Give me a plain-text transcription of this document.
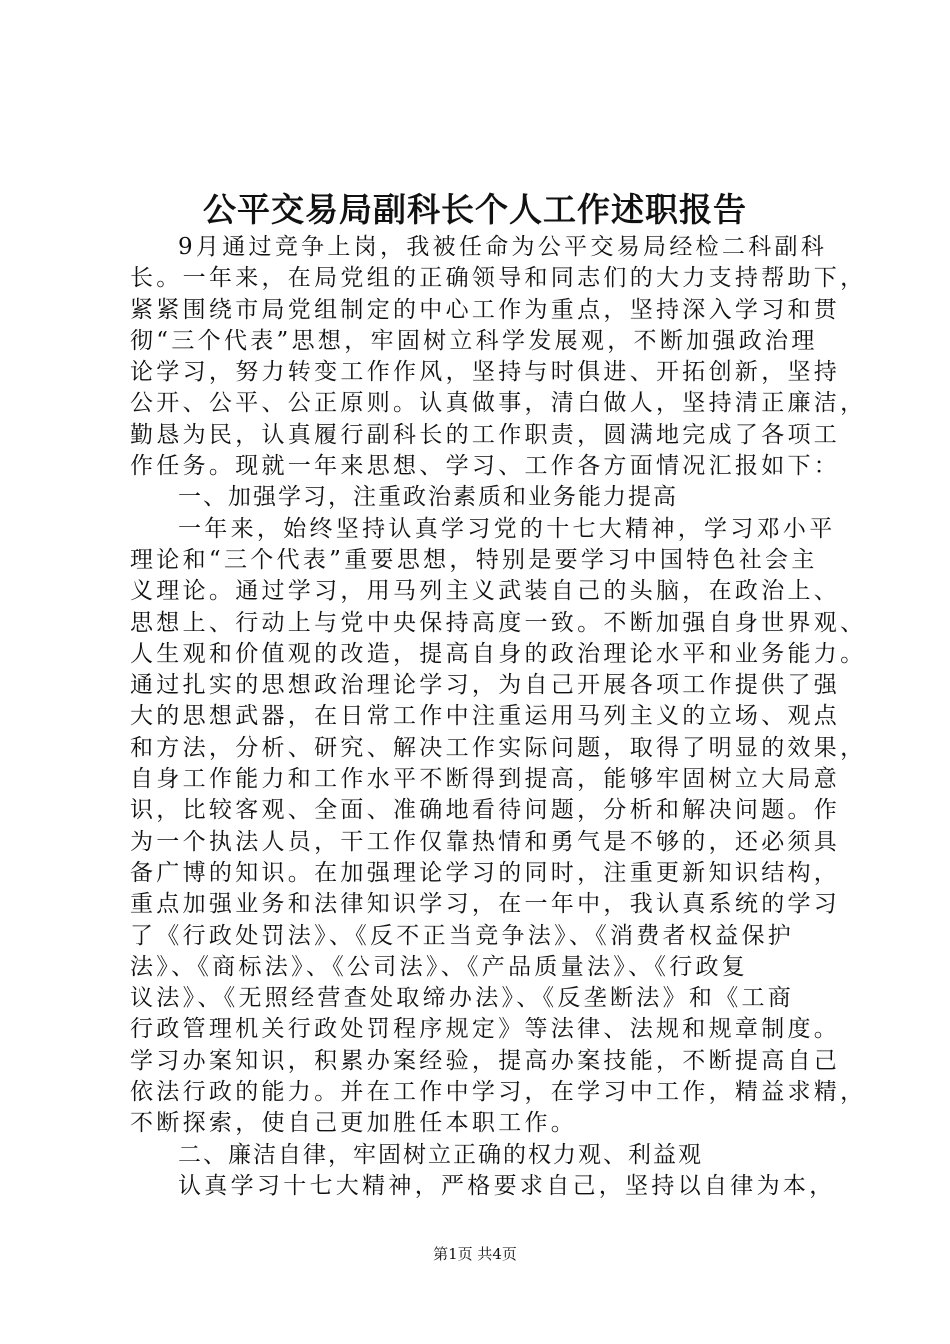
公平交易局副科长个人工作述职报告
9月通过竞争上岗，我被任命为公平交易局经检二科副科
长。一年来，在局党组的正确领导和同志们的大力支持帮助下，
紧紧围绕市局党组制定的中心工作为重点，坚持深入学习和贯
彻“三个代表”思想，牢固树立科学发展观，不断加强政治理
论学习，努力转变工作作风，坚持与时俱进、开拓创新，坚持
公开、公平、公正原则。认真做事，清白做人，坚持清正廉洁，
勤恳为民，认真履行副科长的工作职责，圆满地完成了各项工
作任务。现就一年来思想、学习、工作各方面情况汇报如下：
一、加强学习，注重政治素质和业务能力提高
一年来，始终坚持认真学习党的十七大精神，学习邓小平
理论和“三个代表”重要思想，特别是要学习中国特色社会主
义理论。通过学习，用马列主义武装自己的头脑，在政治上、
思想上、行动上与党中央保持高度一致。不断加强自身世界观、
人生观和价值观的改造，提高自身的政治理论水平和业务能力。
通过扎实的思想政治理论学习，为自己开展各项工作提供了强
大的思想武器，在日常工作中注重运用马列主义的立场、观点
和方法，分析、研究、解决工作实际问题，取得了明显的效果，
自身工作能力和工作水平不断得到提高，能够牢固树立大局意
识，比较客观、全面、准确地看待问题，分析和解决问题。作
为一个执法人员，干工作仅靠热情和勇气是不够的，还必须具
备广博的知识。在加强理论学习的同时，注重更新知识结构，
重点加强业务和法律知识学习，在一年中，我认真系统的学习
了《行政处罚法》、《反不正当竞争法》、《消费者权益保护
法》、《商标法》、《公司法》、《产品质量法》、《行政复
议法》、《无照经营查处取缔办法》、《反垄断法》和《工商
行政管理机关行政处罚程序规定》等法律、法规和规章制度。
学习办案知识，积累办案经验，提高办案技能，不断提高自己
依法行政的能力。并在工作中学习，在学习中工作，精益求精，
不断探索，使自己更加胜任本职工作。
二、廉洁自律，牢固树立正确的权力观、利益观
认真学习十七大精神，严格要求自己，坚持以自律为本，
第1页 共4页
